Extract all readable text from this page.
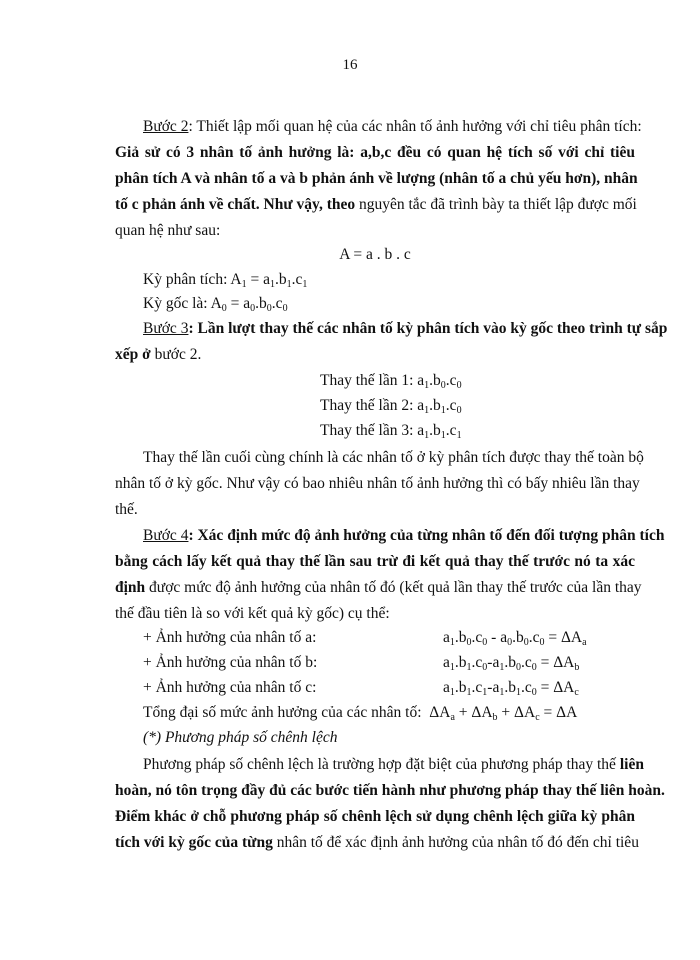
16
Bước 2: Thiết lập mối quan hệ của các nhân tố ảnh hưởng với chỉ tiêu phân tích:
Giả sử có 3 nhân tố ảnh hưởng là: a,b,c đều có quan hệ tích số với chỉ tiêu
phân tích A và nhân tố a và b phản ánh về lượng (nhân tố a chủ yếu hơn), nhân
tố c phản ánh về chất. Như vậy, theo nguyên tắc đã trình bày ta thiết lập được mối
quan hệ như sau:
A = a . b . c
Kỳ phân tích: $A_1 = a_1.b_1.c_1$
Kỳ gốc là: $A_0 = a_0.b_0.c_0$
Bước 3: Lần lượt thay thế các nhân tố kỳ phân tích vào kỳ gốc theo trình tự sắp
xếp ở bước 2.
Thay thế lần 1: $a_1.b_0.c_0$
Thay thế lần 2: $a_1.b_1.c_0$
Thay thế lần 3: $a_1.b_1.c_1$
Thay thế lần cuối cùng chính là các nhân tố ở kỳ phân tích được thay thế toàn bộ
nhân tố ở kỳ gốc. Như vậy có bao nhiêu nhân tố ảnh hưởng thì có bấy nhiêu lần thay
thế.
Bước 4: Xác định mức độ ảnh hưởng của từng nhân tố đến đối tượng phân tích
bằng cách lấy kết quả thay thế lần sau trừ đi kết quả thay thế trước nó ta xác
định được mức độ ảnh hưởng của nhân tố đó (kết quả lần thay thế trước của lần thay
thế đầu tiên là so với kết quả kỳ gốc) cụ thể:
+ Ảnh hưởng của nhân tố a:	$a_1.b_0.c_0 - a_0.b_0.c_0 = \Delta A_a$
+ Ảnh hưởng của nhân tố b:	$a_1.b_1.c_0-a_1.b_0.c_0 = \Delta A_b$
+ Ảnh hưởng của nhân tố c:	$a_1.b_1.c_1-a_1.b_1.c_0 = \Delta A_c$
Tổng đại số mức ảnh hưởng của các nhân tố:  $\Delta A_a + \Delta A_b + \Delta A_c = \Delta A$
(*) Phương pháp số chênh lệch
Phương pháp số chênh lệch là trường hợp đặt biệt của phương pháp thay thế liên
hoàn, nó tôn trọng đầy đủ các bước tiến hành như phương pháp thay thế liên hoàn.
Điểm khác ở chỗ phương pháp số chênh lệch sử dụng chênh lệch giữa kỳ phân
tích với kỳ gốc của từng nhân tố để xác định ảnh hưởng của nhân tố đó đến chỉ tiêu
